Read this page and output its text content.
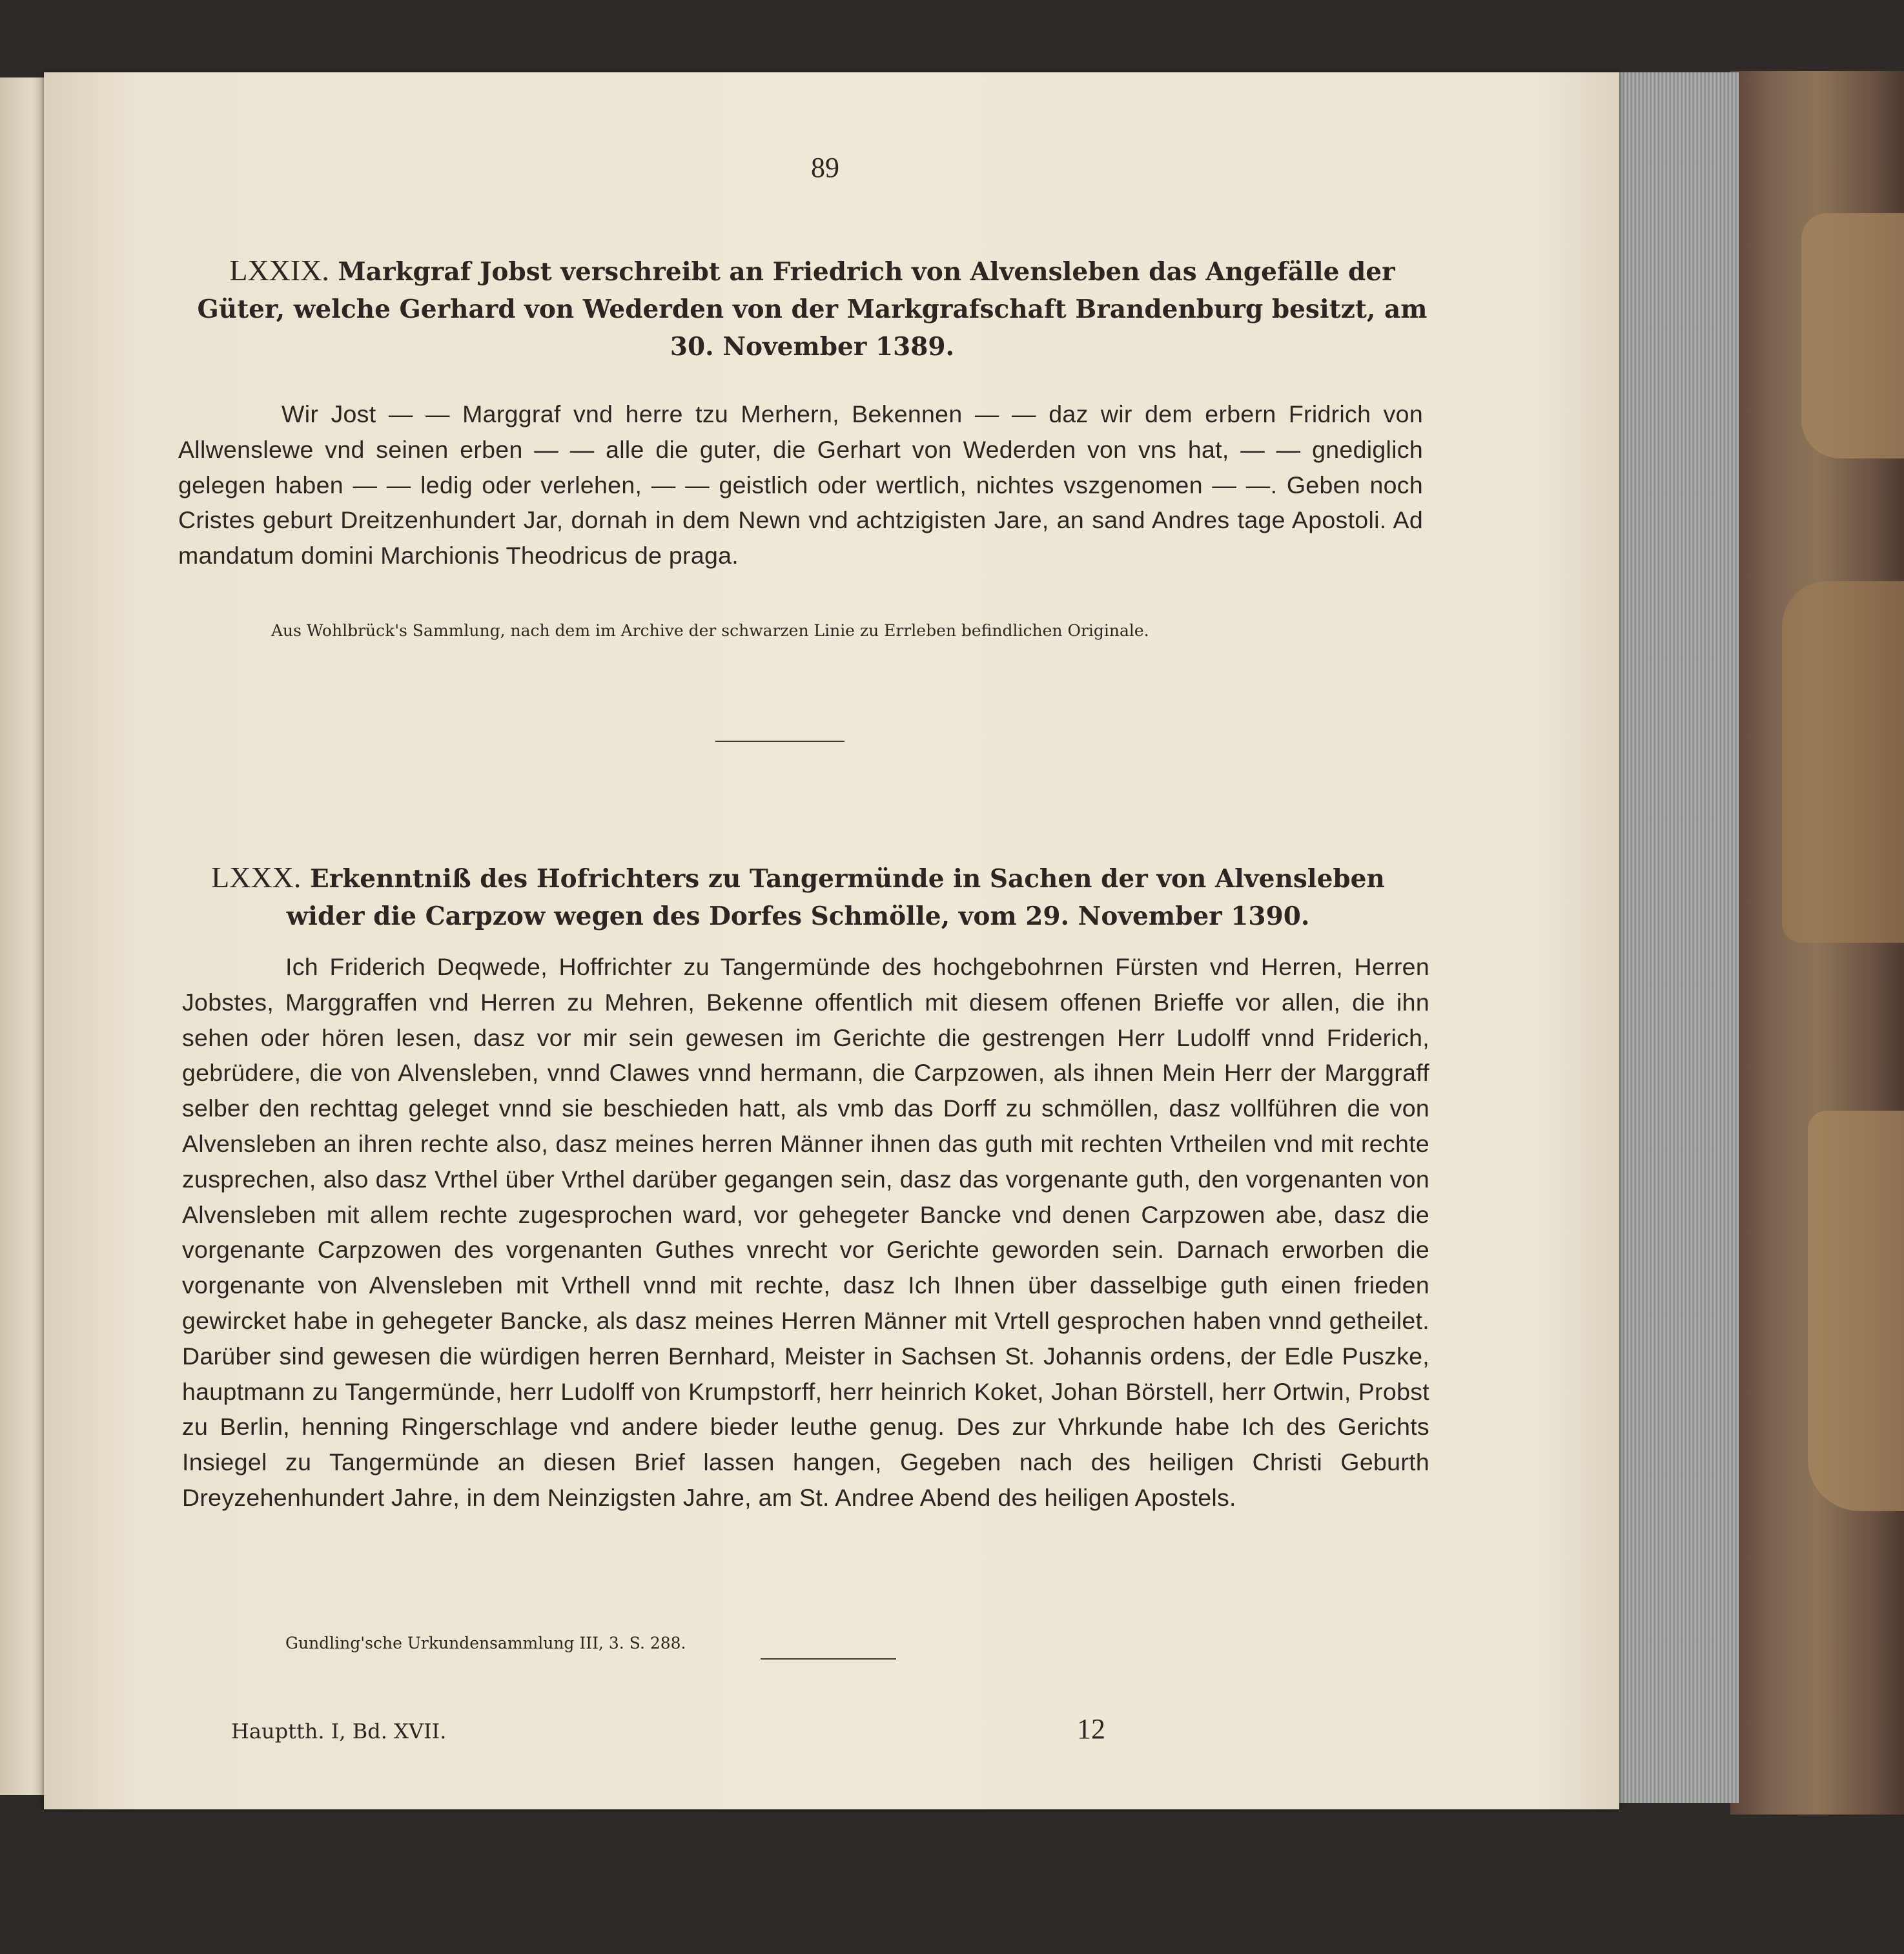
89

LXXIX. Markgraf Jobst verschreibt an Friedrich von Alvensleben das Angefälle der Güter, welche Gerhard von Wederden von der Markgrafschaft Brandenburg besitzt, am 30. November 1389.

Wir Jost — — Marggraf vnd herre tzu Merhern, Bekennen — — daz wir dem erbern Fridrich von Allwenslewe vnd seinen erben — — alle die guter, die Gerhart von Wederden von vns hat, — — gnediglich gelegen haben — — ledig oder verlehen, — — geistlich oder wertlich, nichtes vszgenomen — —. Geben noch Cristes geburt Dreitzenhundert Jar, dornah in dem Newn vnd achtzigisten Jare, an sand Andres tage Apostoli. Ad mandatum domini Marchionis Theodricus de praga.

Aus Wohlbrück's Sammlung, nach dem im Archive der schwarzen Linie zu Errleben befindlichen Originale.

LXXX. Erkenntniß des Hofrichters zu Tangermünde in Sachen der von Alvensleben wider die Carpzow wegen des Dorfes Schmölle, vom 29. November 1390.

Ich Friderich Deqwede, Hoffrichter zu Tangermünde des hochgebohrnen Fürsten vnd Herren, Herren Jobstes, Marggraffen vnd Herren zu Mehren, Bekenne offentlich mit diesem offenen Brieffe vor allen, die ihn sehen oder hören lesen, dasz vor mir sein gewesen im Gerichte die gestrengen Herr Ludolff vnnd Friderich, gebrüdere, die von Alvensleben, vnnd Clawes vnnd hermann, die Carpzowen, als ihnen Mein Herr der Marggraff selber den rechttag geleget vnnd sie beschieden hatt, als vmb das Dorff zu schmöllen, dasz vollführen die von Alvensleben an ihren rechte also, dasz meines herren Männer ihnen das guth mit rechten Vrtheilen vnd mit rechte zusprechen, also dasz Vrthel über Vrthel darüber gegangen sein, dasz das vorgenante guth, den vorgenanten von Alvensleben mit allem rechte zugesprochen ward, vor gehegeter Bancke vnd denen Carpzowen abe, dasz die vorgenante Carpzowen des vorgenanten Guthes vnrecht vor Gerichte geworden sein. Darnach erworben die vorgenante von Alvensleben mit Vrthell vnnd mit rechte, dasz Ich Ihnen über dasselbige guth einen frieden gewircket habe in gehegeter Bancke, als dasz meines Herren Männer mit Vrtell gesprochen haben vnnd getheilet. Darüber sind gewesen die würdigen herren Bernhard, Meister in Sachsen St. Johannis ordens, der Edle Puszke, hauptmann zu Tangermünde, herr Ludolff von Krumpstorff, herr heinrich Koket, Johan Börstell, herr Ortwin, Probst zu Berlin, henning Ringerschlage vnd andere bieder leuthe genug. Des zur Vhrkunde habe Ich des Gerichts Insiegel zu Tangermünde an diesen Brief lassen hangen, Gegeben nach des heiligen Christi Geburth Dreyzehenhundert Jahre, in dem Neinzigsten Jahre, am St. Andree Abend des heiligen Apostels.

Gundling'sche Urkundensammlung III, 3. S. 288.

Hauptth. I, Bd. XVII.	12
